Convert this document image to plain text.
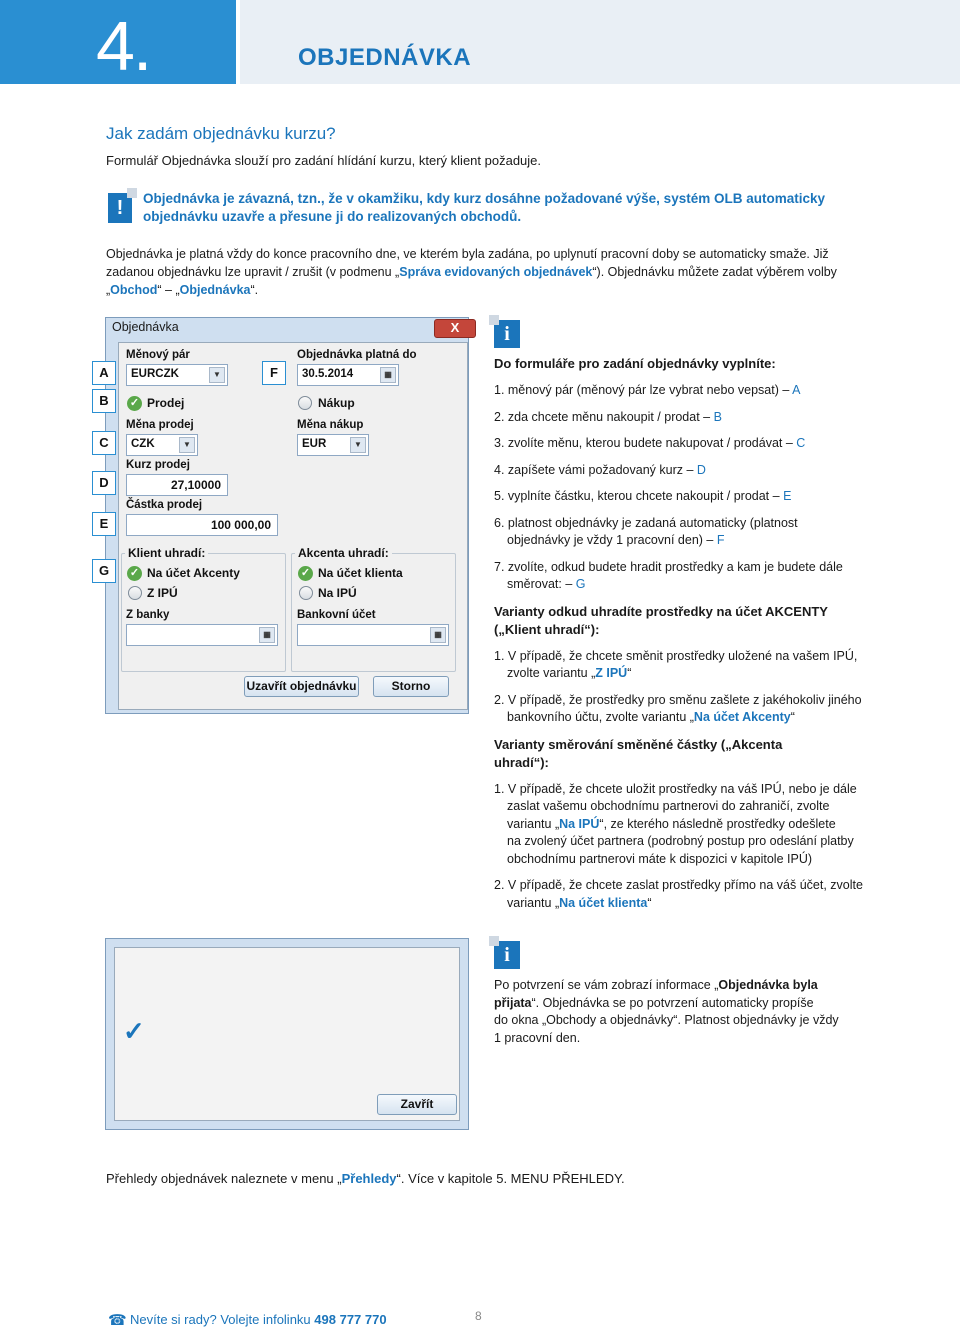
4.	OBJEDNÁVKA
Jak zadám objednávku kurzu?
Formulář Objednávka slouží pro zadání hlídání kurzu, který klient požaduje.
!	Objednávka je závazná, tzn., že v okamžiku, kdy kurz dosáhne požadované výše, systém OLB automaticky
objednávku uzavře a přesune ji do realizovaných obchodů.
Objednávka je platná vždy do konce pracovního dne, ve kterém byla zadána, po uplynutí pracovní doby se automaticky smaže. Již
zadanou objednávku lze upravit / zrušit (v podmenu „Správa evidovaných objednávek“). Objednávku můžete zadat výběrem volby
„Obchod“ – „Objednávka“.
Objednávka	X
Měnový pár
EURCZK	▼
Objednávka platná do
30.5.2014	▦
✓ Prodej	Nákup
Měna prodej
CZK	▼
Měna nákup
EUR	▼
Kurz prodej
27,10000
Částka prodej
100 000,00
Klient uhradí:
✓ Na účet Akcenty
Z IPÚ
Z banky
▦
Akcenta uhradí:
✓ Na účet klienta
Na IPÚ
Bankovní účet
▦
Uzavřít objednávku	Storno
A
B
C
D
E
F
G
i
Do formuláře pro zadání objednávky vyplníte:
1. měnový pár (měnový pár lze vybrat nebo vepsat) – A
2. zda chcete měnu nakoupit / prodat – B
3. zvolíte měnu, kterou budete nakupovat / prodávat – C
4. zapíšete vámi požadovaný kurz – D
5. vyplníte částku, kterou chcete nakoupit / prodat – E
6. platnost objednávky je zadaná automaticky (platnost
objednávky je vždy 1 pracovní den) – F
7. zvolíte, odkud budete hradit prostředky a kam je budete dále
směrovat: – G
Varianty odkud uhradíte prostředky na účet AKCENTY
(„Klient uhradí“):
1. V případě, že chcete směnit prostředky uložené na vašem IPÚ,
zvolte variantu „Z IPÚ“
2. V případě, že prostředky pro směnu zašlete z jakéhokoliv jiného
bankovního účtu, zvolte variantu „Na účet Akcenty“
Varianty směrování směněné částky („Akcenta
uhradí“):
1. V případě, že chcete uložit prostředky na váš IPÚ, nebo je dále
zaslat vašemu obchodnímu partnerovi do zahraničí, zvolte
variantu „Na IPÚ“, ze kterého následně prostředky odešlete
na zvolený účet partnera (podrobný postup pro odeslání platby
obchodnímu partnerovi máte k dispozici v kapitole IPÚ)
2. V případě, že chcete zaslat prostředky přímo na váš účet, zvolte
variantu „Na účet klienta“
✓
Zavřít
i
Po potvrzení se vám zobrazí informace „Objednávka byla
přijata“. Objednávka se po potvrzení automaticky propíše
do okna „Obchody a objednávky“. Platnost objednávky je vždy
1 pracovní den.
Přehledy objednávek naleznete v menu „Přehledy“. Více v kapitole 5. MENU PŘEHLEDY.
☎ Nevíte si rady? Volejte infolinku 498 777 770	8
